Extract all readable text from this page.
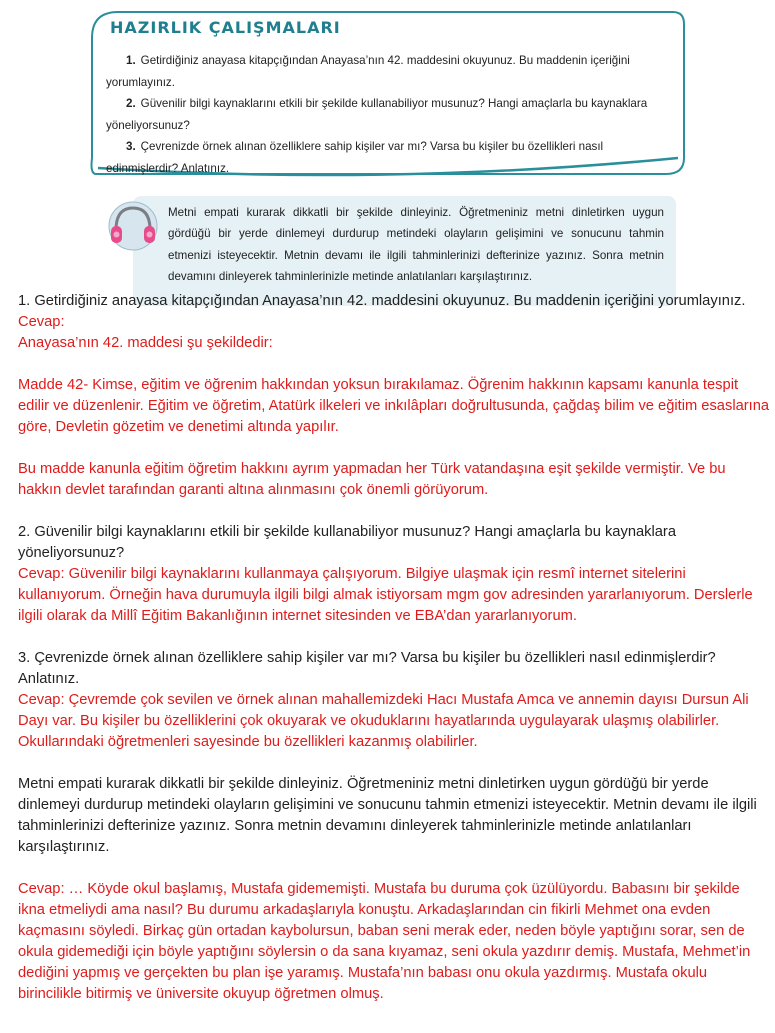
HAZIRLIK ÇALIŞMALARI

1. Getirdiğiniz anayasa kitapçığından Anayasa’nın 42. maddesini okuyunuz. Bu maddenin içeriğini yorumlayınız.

2. Güvenilir bilgi kaynaklarını etkili bir şekilde kullanabiliyor musunuz? Hangi amaçlarla bu kaynaklara yöneliyorsunuz?

3. Çevrenizde örnek alınan özelliklere sahip kişiler var mı? Varsa bu kişiler bu özellikleri nasıl edinmişlerdir? Anlatınız.

Metni empati kurarak dikkatli bir şekilde dinleyiniz. Öğretmeniniz metni dinletirken uygun gördüğü bir yerde dinlemeyi durdurup metindeki olayların gelişimini ve sonucunu tahmin etmenizi isteyecektir. Metnin devamı ile ilgili tahminlerinizi defterinize yazınız. Sonra metnin devamını dinleyerek tahminlerinizle metinde anlatılanları karşılaştırınız.

1. Getirdiğiniz anayasa kitapçığından Anayasa’nın 42. maddesini okuyunuz. Bu maddenin içeriğini yorumlayınız.

Cevap:

Anayasa’nın 42. maddesi şu şekildedir:

Madde 42- Kimse, eğitim ve öğrenim hakkından yoksun bırakılamaz. Öğrenim hakkının kapsamı kanunla tespit edilir ve düzenlenir. Eğitim ve öğretim, Atatürk ilkeleri ve inkılâpları doğrultusunda, çağdaş bilim ve eğitim esaslarına göre, Devletin gözetim ve denetimi altında yapılır.

Bu madde kanunla eğitim öğretim hakkını ayrım yapmadan her Türk vatandaşına eşit şekilde vermiştir. Ve bu hakkın devlet tarafından garanti altına alınmasını çok önemli görüyorum.

2. Güvenilir bilgi kaynaklarını etkili bir şekilde kullanabiliyor musunuz? Hangi amaçlarla bu kaynaklara yöneliyorsunuz?

Cevap: Güvenilir bilgi kaynaklarını kullanmaya çalışıyorum. Bilgiye ulaşmak için resmî internet sitelerini kullanıyorum. Örneğin hava durumuyla ilgili bilgi almak istiyorsam mgm gov adresinden yararlanıyorum. Derslerle ilgili olarak da Millî Eğitim Bakanlığının internet sitesinden ve EBA’dan yararlanıyorum.

3. Çevrenizde örnek alınan özelliklere sahip kişiler var mı? Varsa bu kişiler bu özellikleri nasıl edinmişlerdir? Anlatınız.

Cevap: Çevremde çok sevilen ve örnek alınan mahallemizdeki Hacı Mustafa Amca ve annemin dayısı Dursun Ali Dayı var. Bu kişiler bu özelliklerini çok okuyarak ve okuduklarını hayatlarında uygulayarak ulaşmış olabilirler. Okullarındaki öğretmenleri sayesinde bu özellikleri kazanmış olabilirler.

Metni empati kurarak dikkatli bir şekilde dinleyiniz. Öğretmeniniz metni dinletirken uygun gördüğü bir yerde dinlemeyi durdurup metindeki olayların gelişimini ve sonucunu tahmin etmenizi isteyecektir. Metnin devamı ile ilgili tahminlerinizi defterinize yazınız. Sonra metnin devamını dinleyerek tahminlerinizle metinde anlatılanları karşılaştırınız.

Cevap: … Köyde okul başlamış, Mustafa gidememişti. Mustafa bu duruma çok üzülüyordu. Babasını bir şekilde ikna etmeliydi ama nasıl? Bu durumu arkadaşlarıyla konuştu. Arkadaşlarından cin fikirli Mehmet ona evden kaçmasını söyledi. Birkaç gün ortadan kaybolursun, baban seni merak eder, neden böyle yaptığını sorar, sen de okula gidemediği için böyle yaptığını söylersin o da sana kıyamaz, seni okula yazdırır demiş. Mustafa, Mehmet’in dediğini yapmış ve gerçekten bu plan işe yaramış. Mustafa’nın babası onu okula yazdırmış. Mustafa okulu birincilikle bitirmiş ve üniversite okuyup öğretmen olmuş.
